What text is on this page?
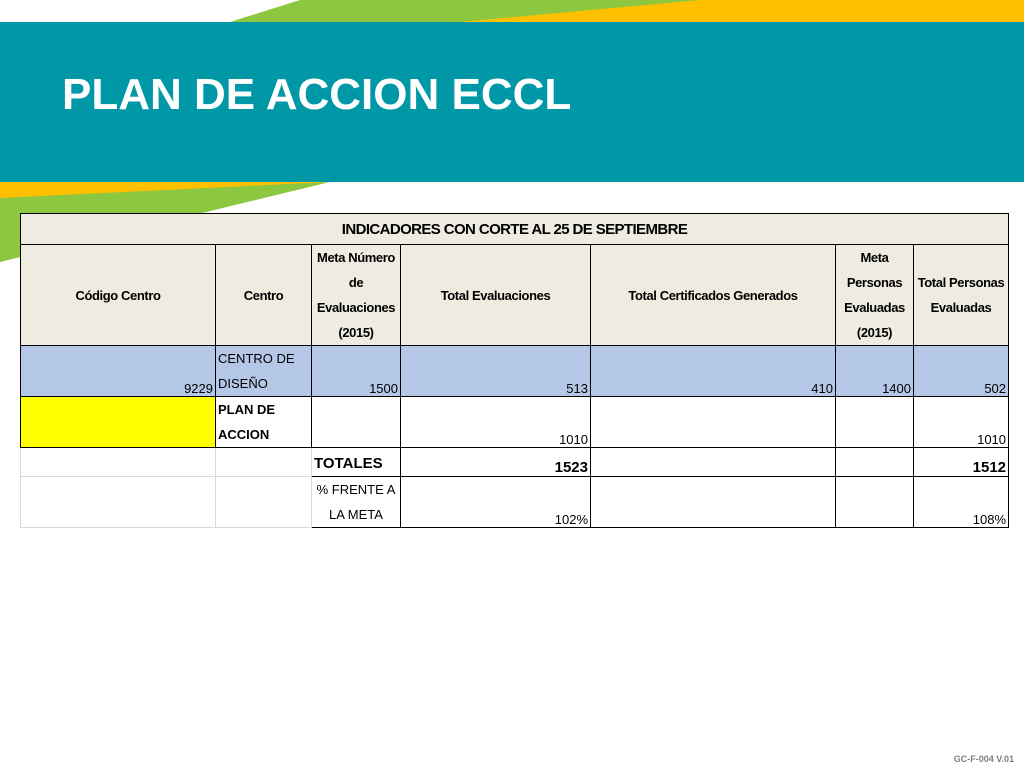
PLAN DE ACCION ECCL
INDICADORES CON CORTE AL 25 DE SEPTIEMBRE						
Código Centro	Centro	Meta Número de Evaluaciones (2015)	Total Evaluaciones	Total Certificados Generados	Meta Personas Evaluadas (2015)	Total Personas Evaluadas
9229	CENTRO DE DISEÑO	1500	513	410	1400	502
	PLAN DE ACCION		1010			1010
		TOTALES	1523			1512
		% FRENTE A LA META	102%			108%
GC-F-004 V.01
